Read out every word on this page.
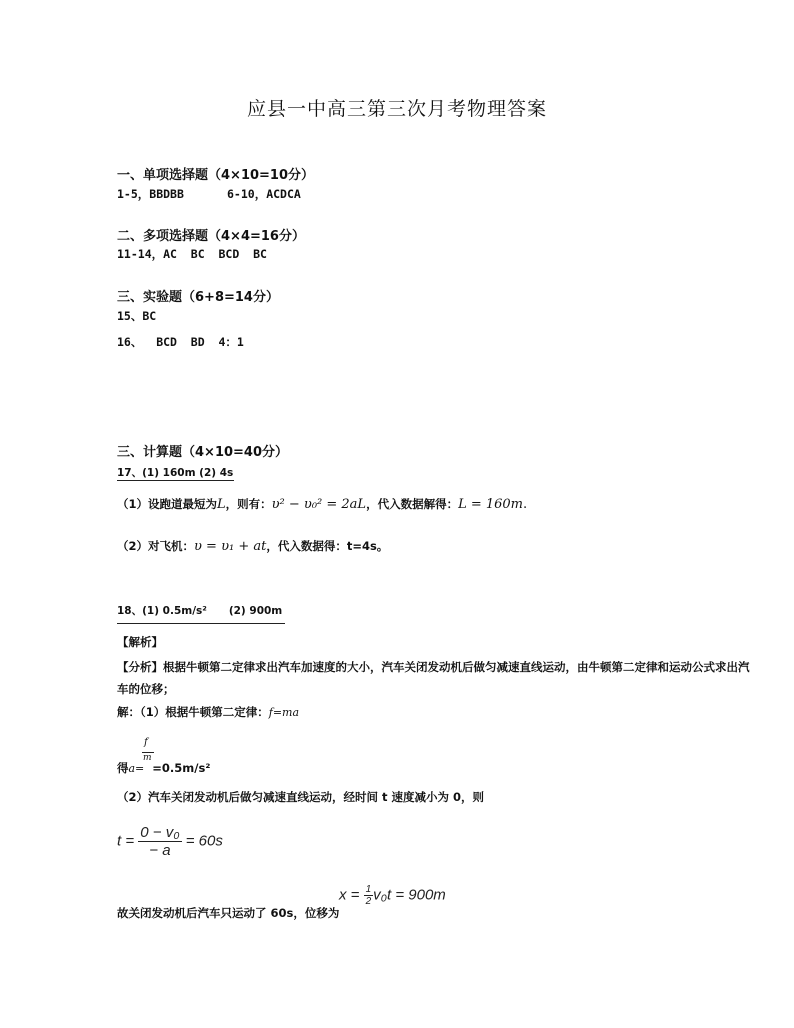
应县一中高三第三次月考物理答案
一、单项选择题（4×10=10分）
1-5，BBDBB	6-10，ACDCA
二、多项选择题（4×4=16分）
11-14，AC  BC  BCD  BC
三、实验题（6+8=14分）
15、BC
16、  BCD  BD  4：1
三、计算题（4×10=40分）
17、(1) 160m (2) 4s
（1）设跑道最短为L，则有：υ² − υ₀² = 2aL，代入数据解得：L = 160m.
（2）对飞机：υ = υ₁ + at，代入数据得：t=4s。
18、(1) 0.5m/s²      (2) 900m
【解析】
【分析】根据牛顿第二定律求出汽车加速度的大小，汽车关闭发动机后做匀减速直线运动，由牛顿第二定律和运动公式求出汽
车的位移；
解：（1）根据牛顿第二定律：f=ma
f
m
得a= =0.5m/s²
（2）汽车关闭发动机后做匀减速直线运动，经时间 t 速度减小为 0，则
$t = \frac{\text{0 − v₀}}{- a} = 60s$
$x = \frac{1}{2} v_0t = 900m$
故关闭发动机后汽车只运动了 60s，位移为
